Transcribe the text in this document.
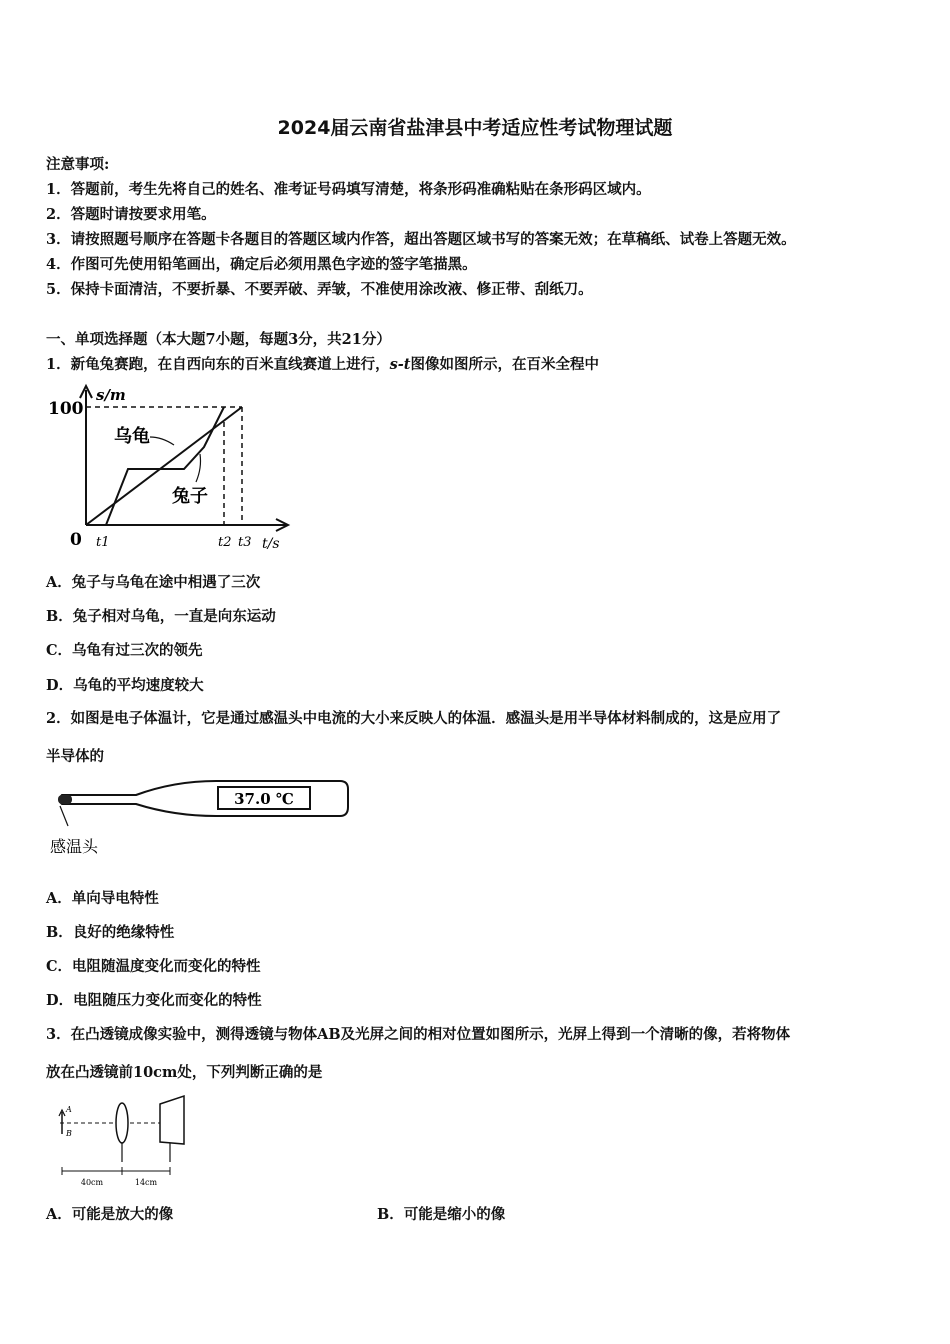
2024届云南省盐津县中考适应性考试物理试题
注意事项:
1．答题前，考生先将自己的姓名、准考证号码填写清楚，将条形码准确粘贴在条形码区域内。
2．答题时请按要求用笔。
3．请按照题号顺序在答题卡各题目的答题区域内作答，超出答题区域书写的答案无效；在草稿纸、试卷上答题无效。
4．作图可先使用铅笔画出，确定后必须用黑色字迹的签字笔描黑。
5．保持卡面清洁，不要折暴、不要弄破、弄皱，不准使用涂改液、修正带、刮纸刀。
一、单项选择题（本大题7小题，每题3分，共21分）
1．新龟兔赛跑，在自西向东的百米直线赛道上进行，s-t图像如图所示，在百米全程中
100
s/m
0 t1	t2 t3 t/s
乌龟
兔子
A．兔子与乌龟在途中相遇了三次
B．兔子相对乌龟，一直是向东运动
C．乌龟有过三次的领先
D．乌龟的平均速度较大
2．如图是电子体温计，它是通过感温头中电流的大小来反映人的体温．感温头是用半导体材料制成的，这是应用了
半导体的
37.0 ℃
感温头
A．单向导电特性
B．良好的绝缘特性
C．电阻随温度变化而变化的特性
D．电阻随压力变化而变化的特性
3．在凸透镜成像实验中，测得透镜与物体AB及光屏之间的相对位置如图所示，光屏上得到一个清晰的像，若将物体
放在凸透镜前10cm处，下列判断正确的是
A
B
40cm	14cm
A．可能是放大的像	B．可能是缩小的像
